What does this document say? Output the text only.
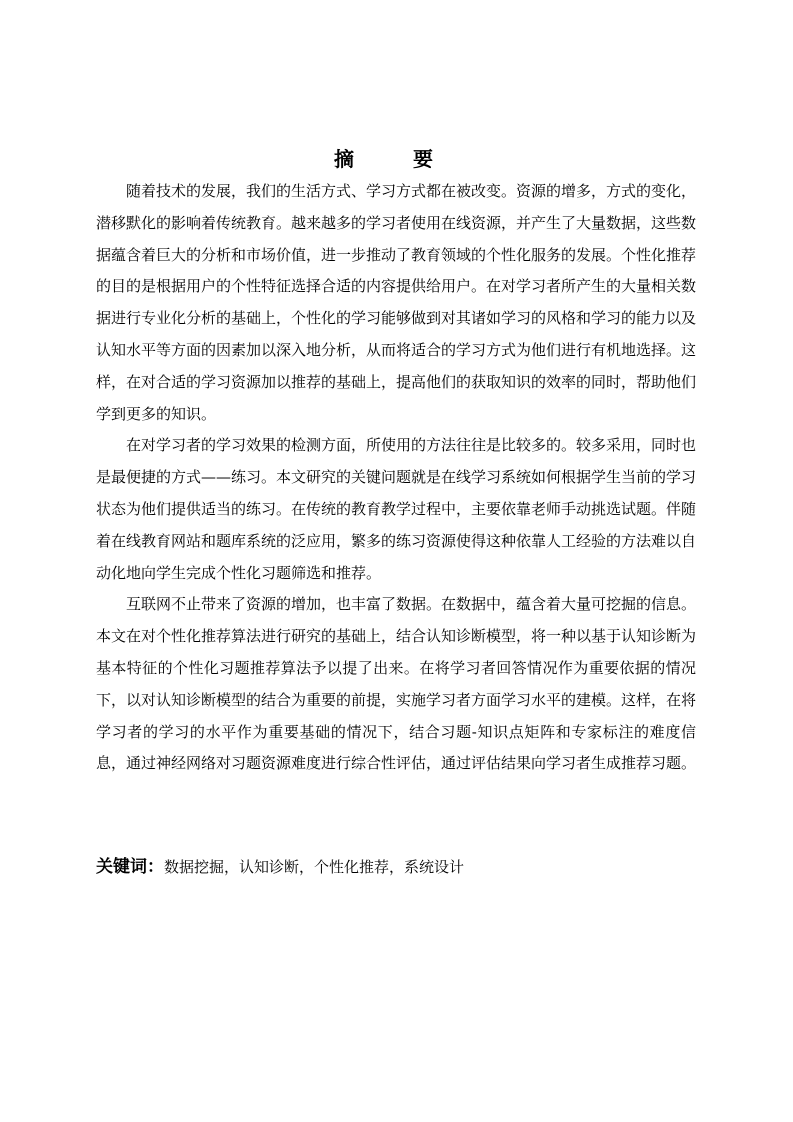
摘 要

随着技术的发展，我们的生活方式、学习方式都在被改变。资源的增多，方式的变化，潜移默化的影响着传统教育。越来越多的学习者使用在线资源，并产生了大量数据，这些数据蕴含着巨大的分析和市场价值，进一步推动了教育领域的个性化服务的发展。个性化推荐的目的是根据用户的个性特征选择合适的内容提供给用户。在对学习者所产生的大量相关数据进行专业化分析的基础上，个性化的学习能够做到对其诸如学习的风格和学习的能力以及认知水平等方面的因素加以深入地分析，从而将适合的学习方式为他们进行有机地选择。这样，在对合适的学习资源加以推荐的基础上，提高他们的获取知识的效率的同时，帮助他们学到更多的知识。

在对学习者的学习效果的检测方面，所使用的方法往往是比较多的。较多采用，同时也是最便捷的方式——练习。本文研究的关键问题就是在线学习系统如何根据学生当前的学习状态为他们提供适当的练习。在传统的教育教学过程中，主要依靠老师手动挑选试题。伴随着在线教育网站和题库系统的泛应用，繁多的练习资源使得这种依靠人工经验的方法难以自动化地向学生完成个性化习题筛选和推荐。

互联网不止带来了资源的增加，也丰富了数据。在数据中，蕴含着大量可挖掘的信息。本文在对个性化推荐算法进行研究的基础上，结合认知诊断模型，将一种以基于认知诊断为基本特征的个性化习题推荐算法予以提了出来。在将学习者回答情况作为重要依据的情况下，以对认知诊断模型的结合为重要的前提，实施学习者方面学习水平的建模。这样，在将学习者的学习的水平作为重要基础的情况下，结合习题-知识点矩阵和专家标注的难度信息，通过神经网络对习题资源难度进行综合性评估，通过评估结果向学习者生成推荐习题。

关键词：数据挖掘，认知诊断，个性化推荐，系统设计
